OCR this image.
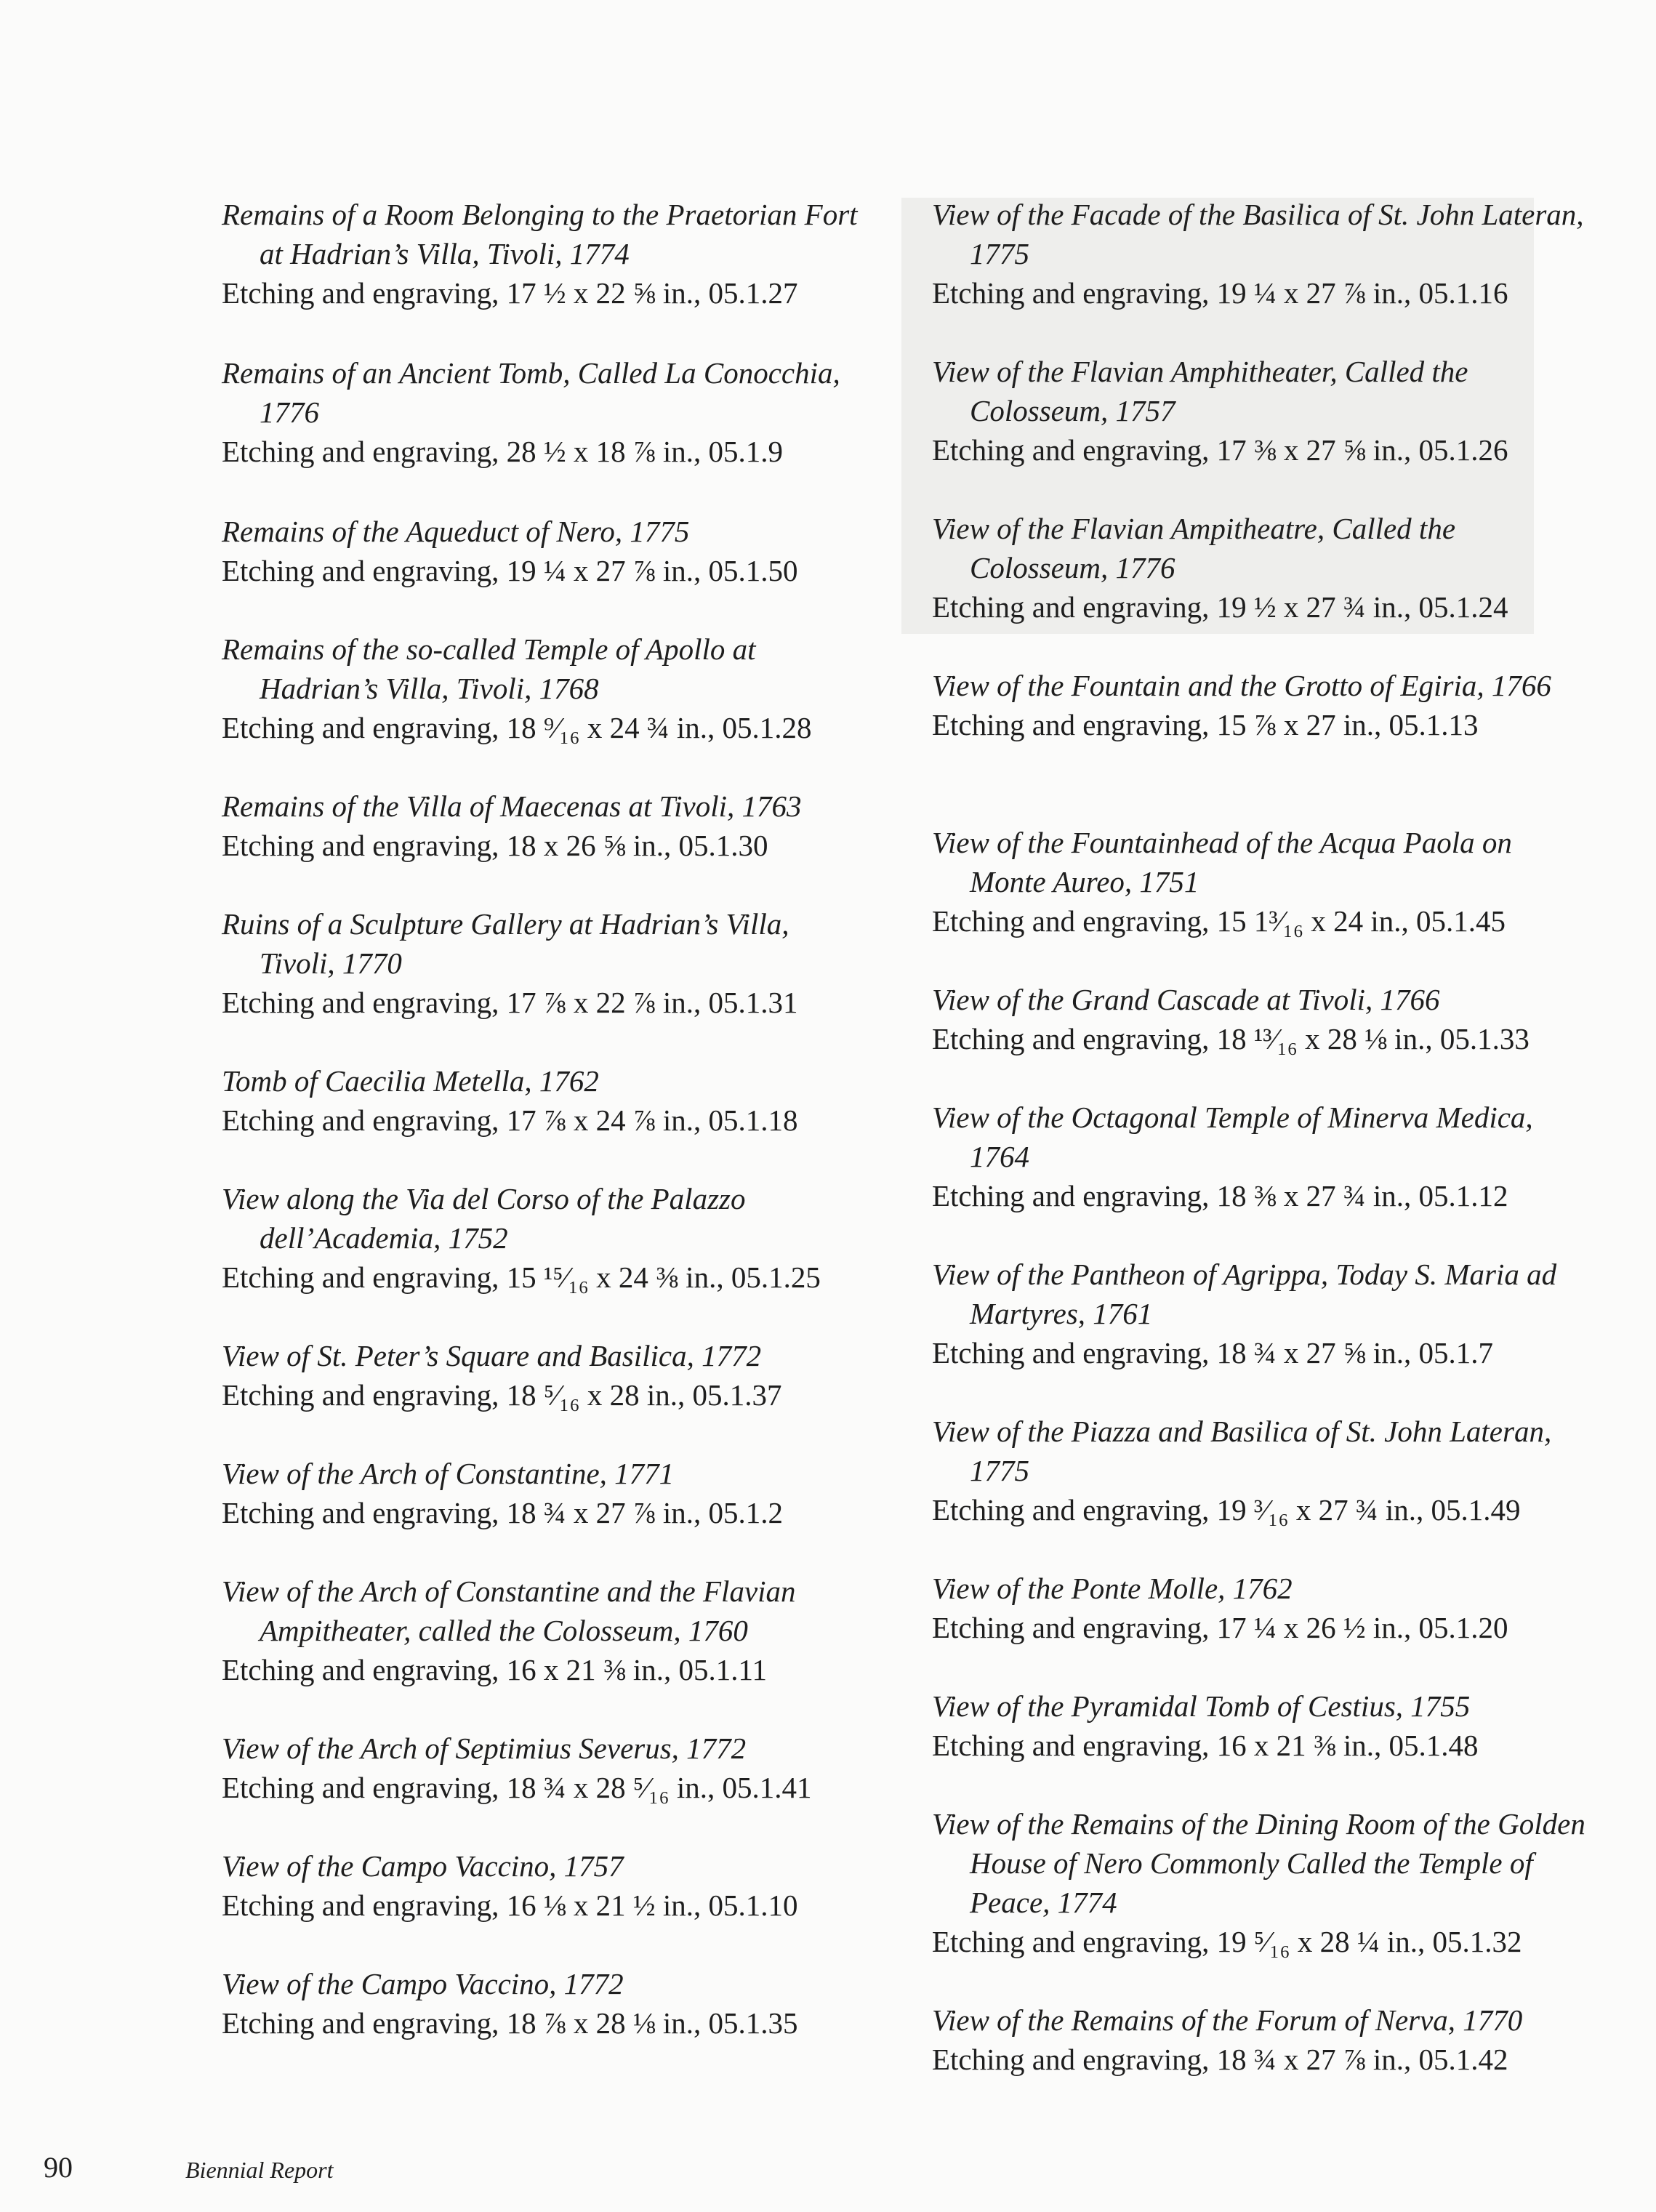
Remains of a Room Belonging to the Praetorian Fort at Hadrian’s Villa, Tivoli, 1774
Etching and engraving, 17 ½ x 22 ⅝ in., 05.1.27
Remains of an Ancient Tomb, Called La Conocchia, 1776
Etching and engraving, 28 ½ x 18 ⅞ in., 05.1.9
Remains of the Aqueduct of Nero, 1775
Etching and engraving, 19 ¼ x 27 ⅞ in., 05.1.50
Remains of the so-called Temple of Apollo at Hadrian’s Villa, Tivoli, 1768
Etching and engraving, 18 ⁹⁄₁₆ x 24 ¾ in., 05.1.28
Remains of the Villa of Maecenas at Tivoli, 1763
Etching and engraving, 18 x 26 ⅝ in., 05.1.30
Ruins of a Sculpture Gallery at Hadrian’s Villa, Tivoli, 1770
Etching and engraving, 17 ⅞ x 22 ⅞ in., 05.1.31
Tomb of Caecilia Metella, 1762
Etching and engraving, 17 ⅞ x 24 ⅞ in., 05.1.18
View along the Via del Corso of the Palazzo dell’Academia, 1752
Etching and engraving, 15 ¹⁵⁄₁₆ x 24 ⅜ in., 05.1.25
View of St. Peter’s Square and Basilica, 1772
Etching and engraving, 18 ⁵⁄₁₆ x 28 in., 05.1.37
View of the Arch of Constantine, 1771
Etching and engraving, 18 ¾ x 27 ⅞ in., 05.1.2
View of the Arch of Constantine and the Flavian Ampitheater, called the Colosseum, 1760
Etching and engraving, 16 x 21 ⅜ in., 05.1.11
View of the Arch of Septimius Severus, 1772
Etching and engraving, 18 ¾ x 28 ⁵⁄₁₆ in., 05.1.41
View of the Campo Vaccino, 1757
Etching and engraving, 16 ⅛ x 21 ½ in., 05.1.10
View of the Campo Vaccino, 1772
Etching and engraving, 18 ⅞ x 28 ⅛ in., 05.1.35
View of the Facade of the Basilica of St. John Lateran, 1775
Etching and engraving, 19 ¼ x 27 ⅞ in., 05.1.16
View of the Flavian Amphitheater, Called the Colosseum, 1757
Etching and engraving, 17 ⅜ x 27 ⅝ in., 05.1.26
View of the Flavian Ampitheatre, Called the Colosseum, 1776
Etching and engraving, 19 ½ x 27 ¾ in., 05.1.24
View of the Fountain and the Grotto of Egiria, 1766
Etching and engraving, 15 ⅞ x 27 in., 05.1.13
View of the Fountainhead of the Acqua Paola on Monte Aureo, 1751
Etching and engraving, 15 1³⁄₁₆ x 24 in., 05.1.45
View of the Grand Cascade at Tivoli, 1766
Etching and engraving, 18 ¹³⁄₁₆ x 28 ⅛ in., 05.1.33
View of the Octagonal Temple of Minerva Medica, 1764
Etching and engraving, 18 ⅜ x 27 ¾ in., 05.1.12
View of the Pantheon of Agrippa, Today S. Maria ad Martyres, 1761
Etching and engraving, 18 ¾ x 27 ⅝ in., 05.1.7
View of the Piazza and Basilica of St. John Lateran, 1775
Etching and engraving, 19 ³⁄₁₆ x 27 ¾ in., 05.1.49
View of the Ponte Molle, 1762
Etching and engraving, 17 ¼ x 26 ½ in., 05.1.20
View of the Pyramidal Tomb of Cestius, 1755
Etching and engraving, 16 x 21 ⅜ in., 05.1.48
View of the Remains of the Dining Room of the Golden House of Nero Commonly Called the Temple of Peace, 1774
Etching and engraving, 19 ⁵⁄₁₆ x 28 ¼ in., 05.1.32
View of the Remains of the Forum of Nerva, 1770
Etching and engraving, 18 ¾ x 27 ⅞ in., 05.1.42
90	Biennial Report
